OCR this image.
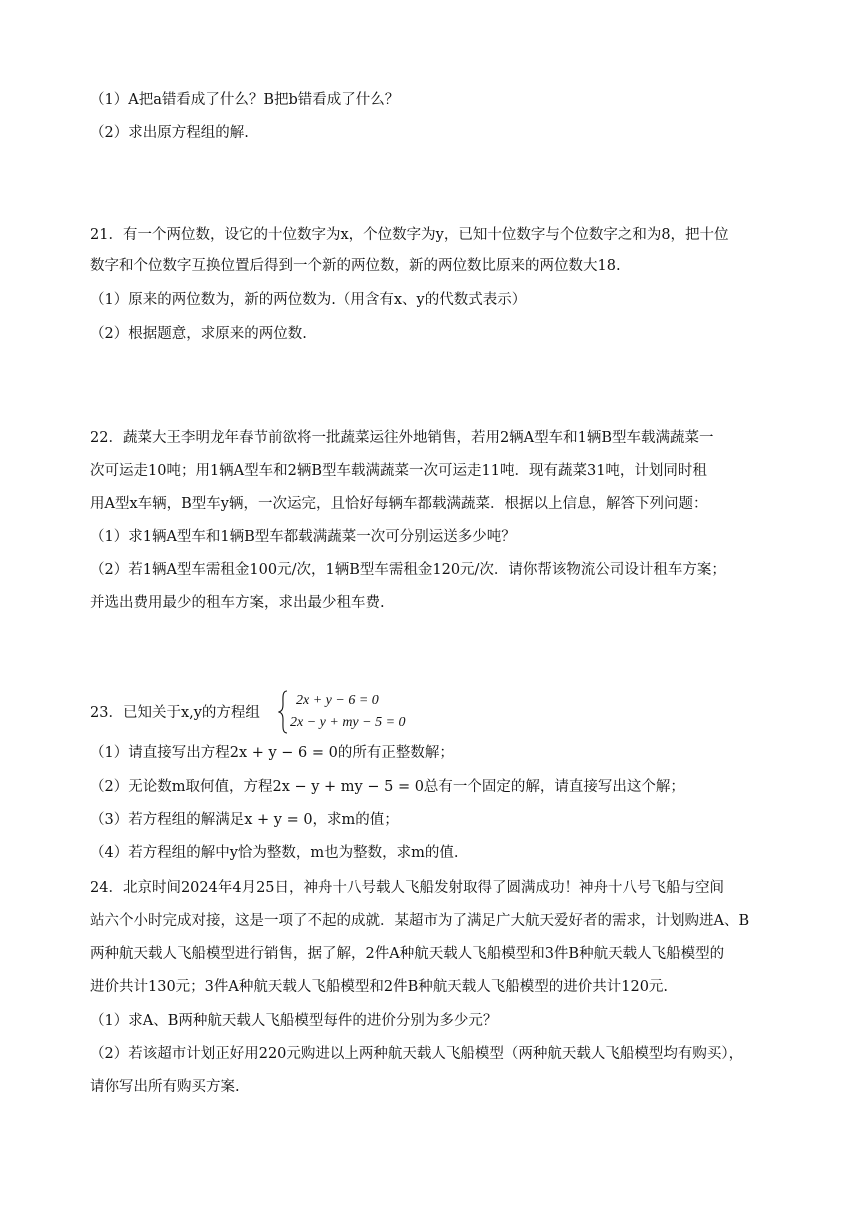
（1）A把a错看成了什么？B把b错看成了什么？
（2）求出原方程组的解.
21．有一个两位数，设它的十位数字为x，个位数字为y，已知十位数字与个位数字之和为8，把十位
数字和个位数字互换位置后得到一个新的两位数，新的两位数比原来的两位数大18.
（1）原来的两位数为，新的两位数为.（用含有x、y的代数式表示）
（2）根据题意，求原来的两位数.
22．蔬菜大王李明龙年春节前欲将一批蔬菜运往外地销售，若用2辆A型车和1辆B型车载满蔬菜一
次可运走10吨；用1辆A型车和2辆B型车载满蔬菜一次可运走11吨．现有蔬菜31吨，计划同时租
用A型x车辆，B型车y辆，一次运完，且恰好每辆车都载满蔬菜．根据以上信息，解答下列问题：
（1）求1辆A型车和1辆B型车都载满蔬菜一次可分别运送多少吨？
（2）若1辆A型车需租金100元/次，1辆B型车需租金120元/次．请你帮该物流公司设计租车方案；
并选出费用最少的租车方案，求出最少租车费.
23．已知关于x,y的方程组
2x + y − 6 = 0
2x − y + my − 5 = 0
（1）请直接写出方程2x + y − 6 = 0的所有正整数解；
（2）无论数m取何值，方程2x − y + my − 5 = 0总有一个固定的解，请直接写出这个解；
（3）若方程组的解满足x + y = 0，求m的值；
（4）若方程组的解中y恰为整数，m也为整数，求m的值.
24．北京时间2024年4月25日，神舟十八号载人飞船发射取得了圆满成功！神舟十八号飞船与空间
站六个小时完成对接，这是一项了不起的成就．某超市为了满足广大航天爱好者的需求，计划购进A、B
两种航天载人飞船模型进行销售，据了解，2件A种航天载人飞船模型和3件B种航天载人飞船模型的
进价共计130元；3件A种航天载人飞船模型和2件B种航天载人飞船模型的进价共计120元.
（1）求A、B两种航天载人飞船模型每件的进价分别为多少元？
（2）若该超市计划正好用220元购进以上两种航天载人飞船模型（两种航天载人飞船模型均有购买），
请你写出所有购买方案.
